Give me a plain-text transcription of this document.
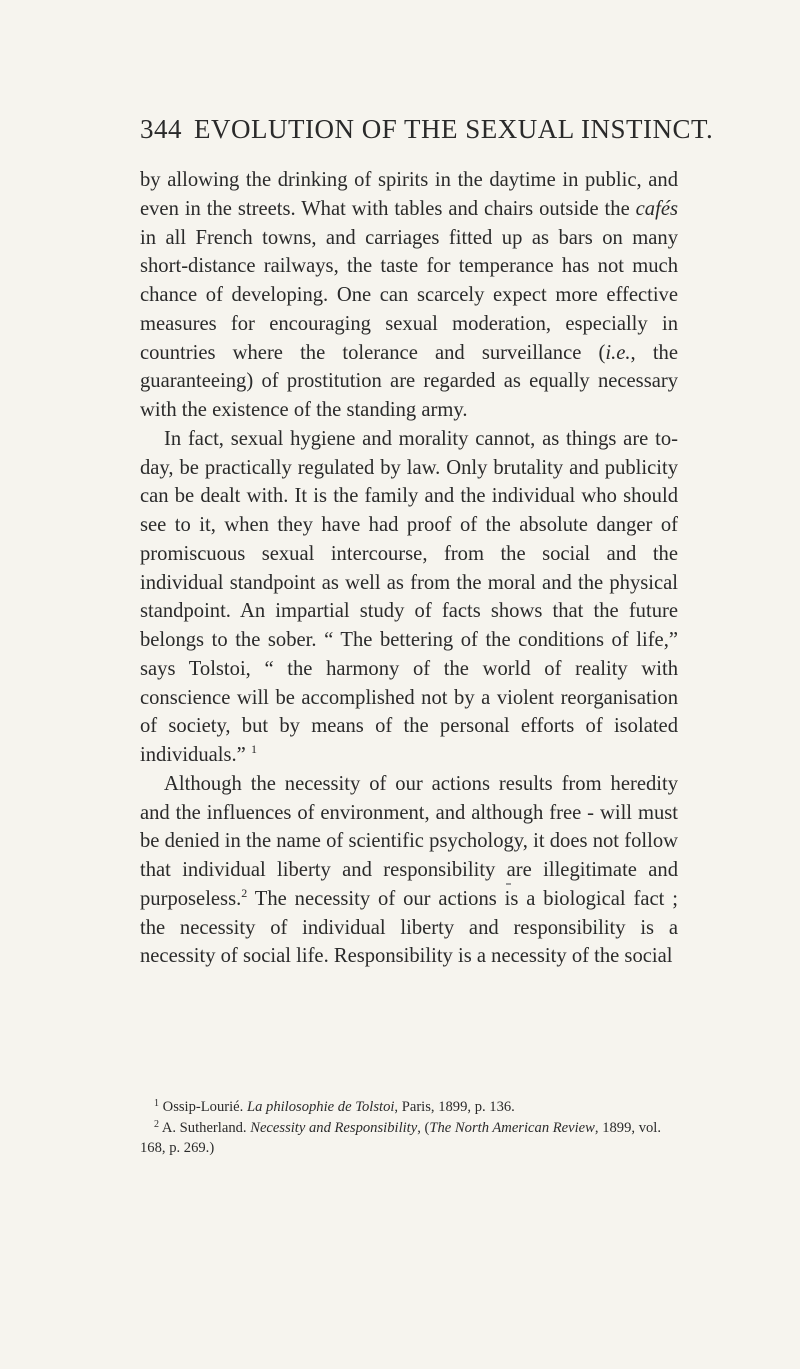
344 EVOLUTION OF THE SEXUAL INSTINCT.

by allowing the drinking of spirits in the daytime in public, and even in the streets. What with tables and chairs outside the cafés in all French towns, and carriages fitted up as bars on many short-distance railways, the taste for temperance has not much chance of developing. One can scarcely expect more effective measures for encouraging sexual moderation, especially in countries where the tolerance and surveillance (i.e., the guaranteeing) of prostitution are regarded as equally necessary with the existence of the standing army.

In fact, sexual hygiene and morality cannot, as things are to-day, be practically regulated by law. Only brutality and publicity can be dealt with. It is the family and the individual who should see to it, when they have had proof of the absolute danger of promiscuous sexual intercourse, from the social and the individual standpoint as well as from the moral and the physical standpoint. An impartial study of facts shows that the future belongs to the sober. “ The bettering of the conditions of life,” says Tolstoi, “ the harmony of the world of reality with conscience will be accomplished not by a violent reorganisation of society, but by means of the personal efforts of isolated individuals.” $^1$

Although the necessity of our actions results from heredity and the influences of environment, and although free - will must be denied in the name of scientific psychology, it does not follow that individual liberty and responsibility are illegitimate and purposeless.$^2$ The necessity of our actions is a biological fact ; the necessity of individual liberty and responsibility is a necessity of social life. Responsibility is a necessity of the social

$^1$ Ossip-Lourié. La philosophie de Tolstoi, Paris, 1899, p. 136.

$^2$ A. Sutherland. Necessity and Responsibility, (The North American Review, 1899, vol. 168, p. 269.)
